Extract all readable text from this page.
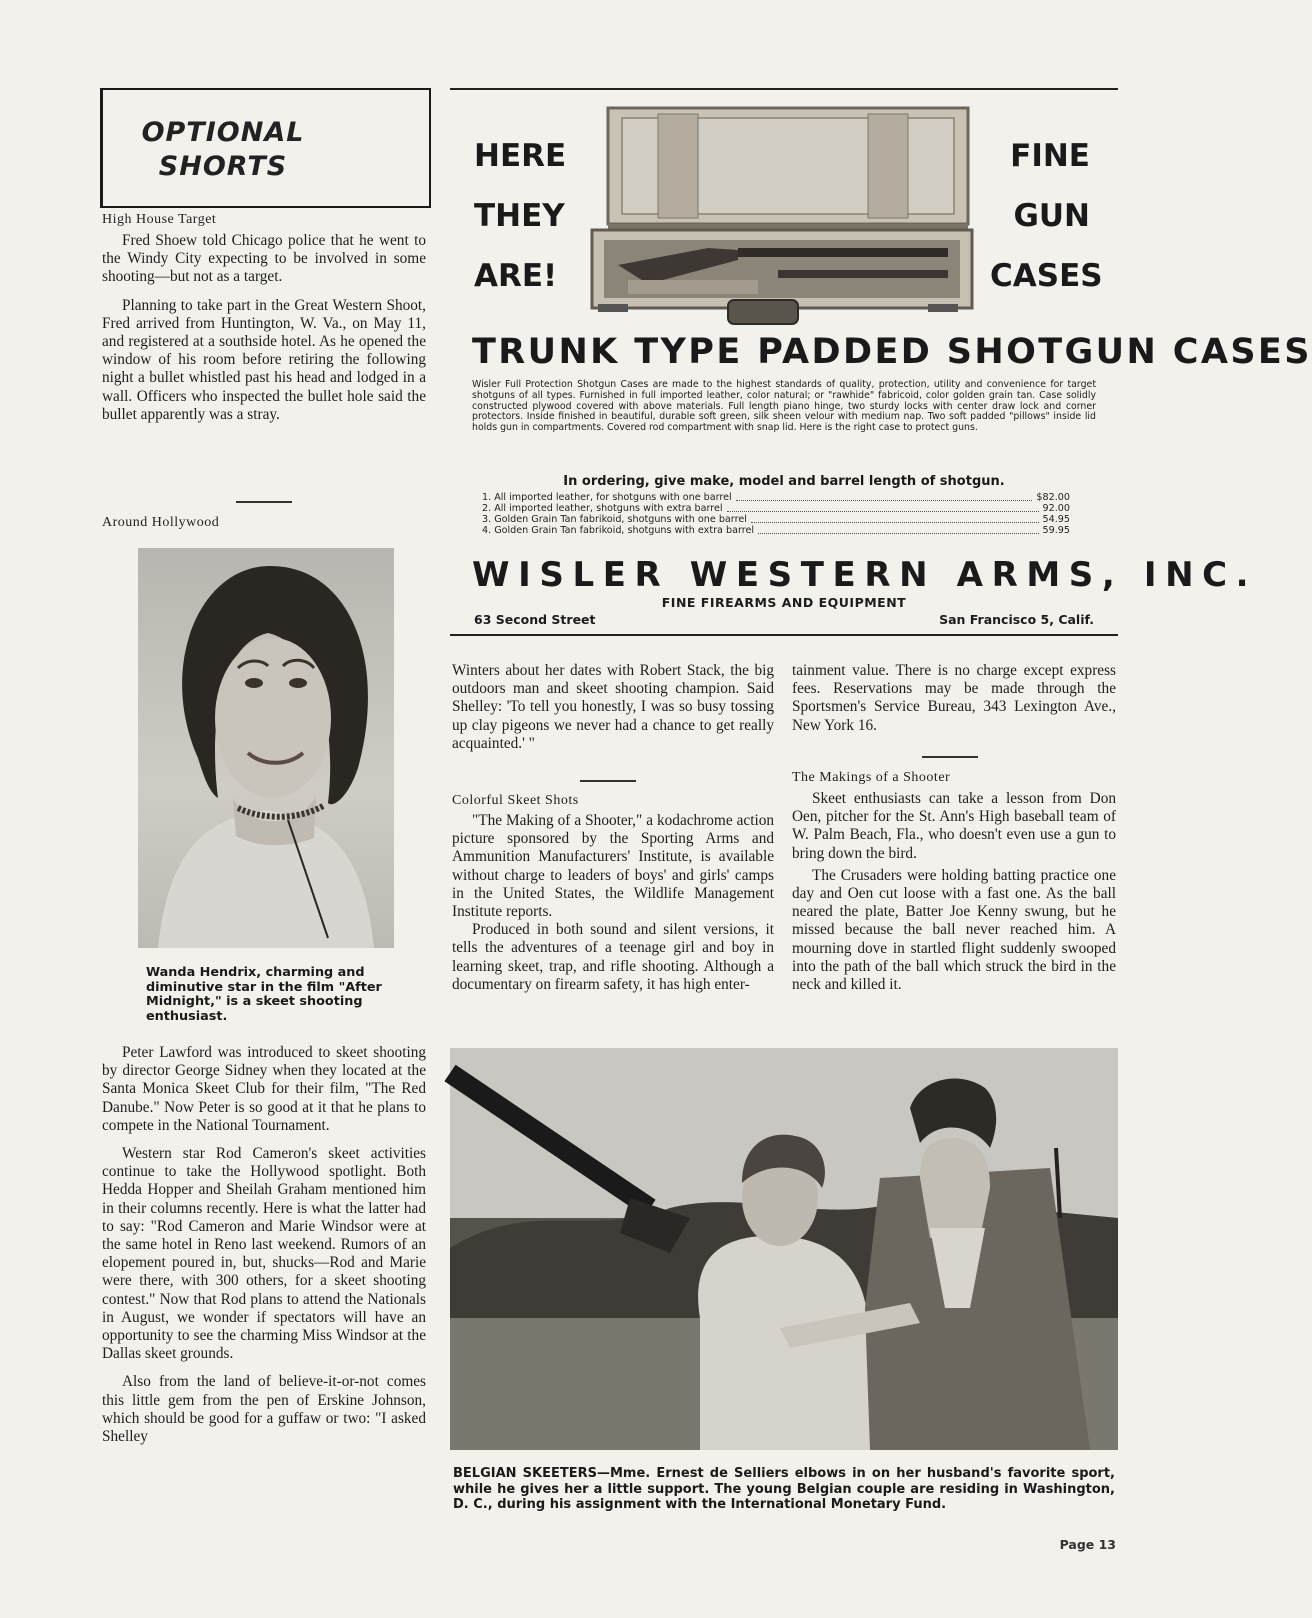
OPTIONAL
SHORTS
High House Target

Fred Shoew told Chicago police that he went to the Windy City expecting to be involved in some shooting—but not as a target.

Planning to take part in the Great Western Shoot, Fred arrived from Huntington, W. Va., on May 11, and registered at a southside hotel. As he opened the window of his room before retiring the following night a bullet whistled past his head and lodged in a wall. Officers who inspected the bullet hole said the bullet apparently was a stray.

Around Hollywood
Wanda Hendrix, charming and diminutive star in the film "After Midnight," is a skeet shooting enthusiast.

Peter Lawford was introduced to skeet shooting by director George Sidney when they located at the Santa Monica Skeet Club for their film, "The Red Danube." Now Peter is so good at it that he plans to compete in the National Tournament.

Western star Rod Cameron's skeet activities continue to take the Hollywood spotlight. Both Hedda Hopper and Sheilah Graham mentioned him in their columns recently. Here is what the latter had to say: "Rod Cameron and Marie Windsor were at the same hotel in Reno last weekend. Rumors of an elopement poured in, but, shucks—Rod and Marie were there, with 300 others, for a skeet shooting contest." Now that Rod plans to attend the Nationals in August, we wonder if spectators will have an opportunity to see the charming Miss Windsor at the Dallas skeet grounds.

Also from the land of believe-it-or-not comes this little gem from the pen of Erskine Johnson, which should be good for a guffaw or two: "I asked Shelley

HERE
THEY
ARE!
FINE
GUN
CASES
TRUNK TYPE PADDED SHOTGUN CASES
Wisler Full Protection Shotgun Cases are made to the highest standards of quality, protection, utility and convenience for target shotguns of all types. Furnished in full imported leather, color natural; or "rawhide" fabricoid, color golden grain tan. Case solidly constructed plywood covered with above materials. Full length piano hinge, two sturdy locks with center draw lock and corner protectors. Inside finished in beautiful, durable soft green, silk sheen velour with medium nap. Two soft padded "pillows" inside lid holds gun in compartments. Covered rod compartment with snap lid. Here is the right case to protect guns.
In ordering, give make, model and barrel length of shotgun.
1. All imported leather, for shotguns with one barrel	$82.00
2. All imported leather, shotguns with extra barrel	92.00
3. Golden Grain Tan fabrikoid, shotguns with one barrel	54.95
4. Golden Grain Tan fabrikoid, shotguns with extra barrel	59.95
WISLER WESTERN ARMS, INC.
FINE FIREARMS AND EQUIPMENT
63 Second Street	San Francisco 5, Calif.

Winters about her dates with Robert Stack, the big outdoors man and skeet shooting champion. Said Shelley: 'To tell you honestly, I was so busy tossing up clay pigeons we never had a chance to get really acquainted.' "

Colorful Skeet Shots

"The Making of a Shooter," a kodachrome action picture sponsored by the Sporting Arms and Ammunition Manufacturers' Institute, is available without charge to leaders of boys' and girls' camps in the United States, the Wildlife Management Institute reports.

Produced in both sound and silent versions, it tells the adventures of a teenage girl and boy in learning skeet, trap, and rifle shooting. Although a documentary on firearm safety, it has high enter-

tainment value. There is no charge except express fees. Reservations may be made through the Sportsmen's Service Bureau, 343 Lexington Ave., New York 16.

The Makings of a Shooter

Skeet enthusiasts can take a lesson from Don Oen, pitcher for the St. Ann's High baseball team of W. Palm Beach, Fla., who doesn't even use a gun to bring down the bird.

The Crusaders were holding batting practice one day and Oen cut loose with a fast one. As the ball neared the plate, Batter Joe Kenny swung, but he missed because the ball never reached him. A mourning dove in startled flight suddenly swooped into the path of the ball which struck the bird in the neck and killed it.

BELGIAN SKEETERS—Mme. Ernest de Selliers elbows in on her husband's favorite sport, while he gives her a little support. The young Belgian couple are residing in Washington, D. C., during his assignment with the International Monetary Fund.
Page 13
